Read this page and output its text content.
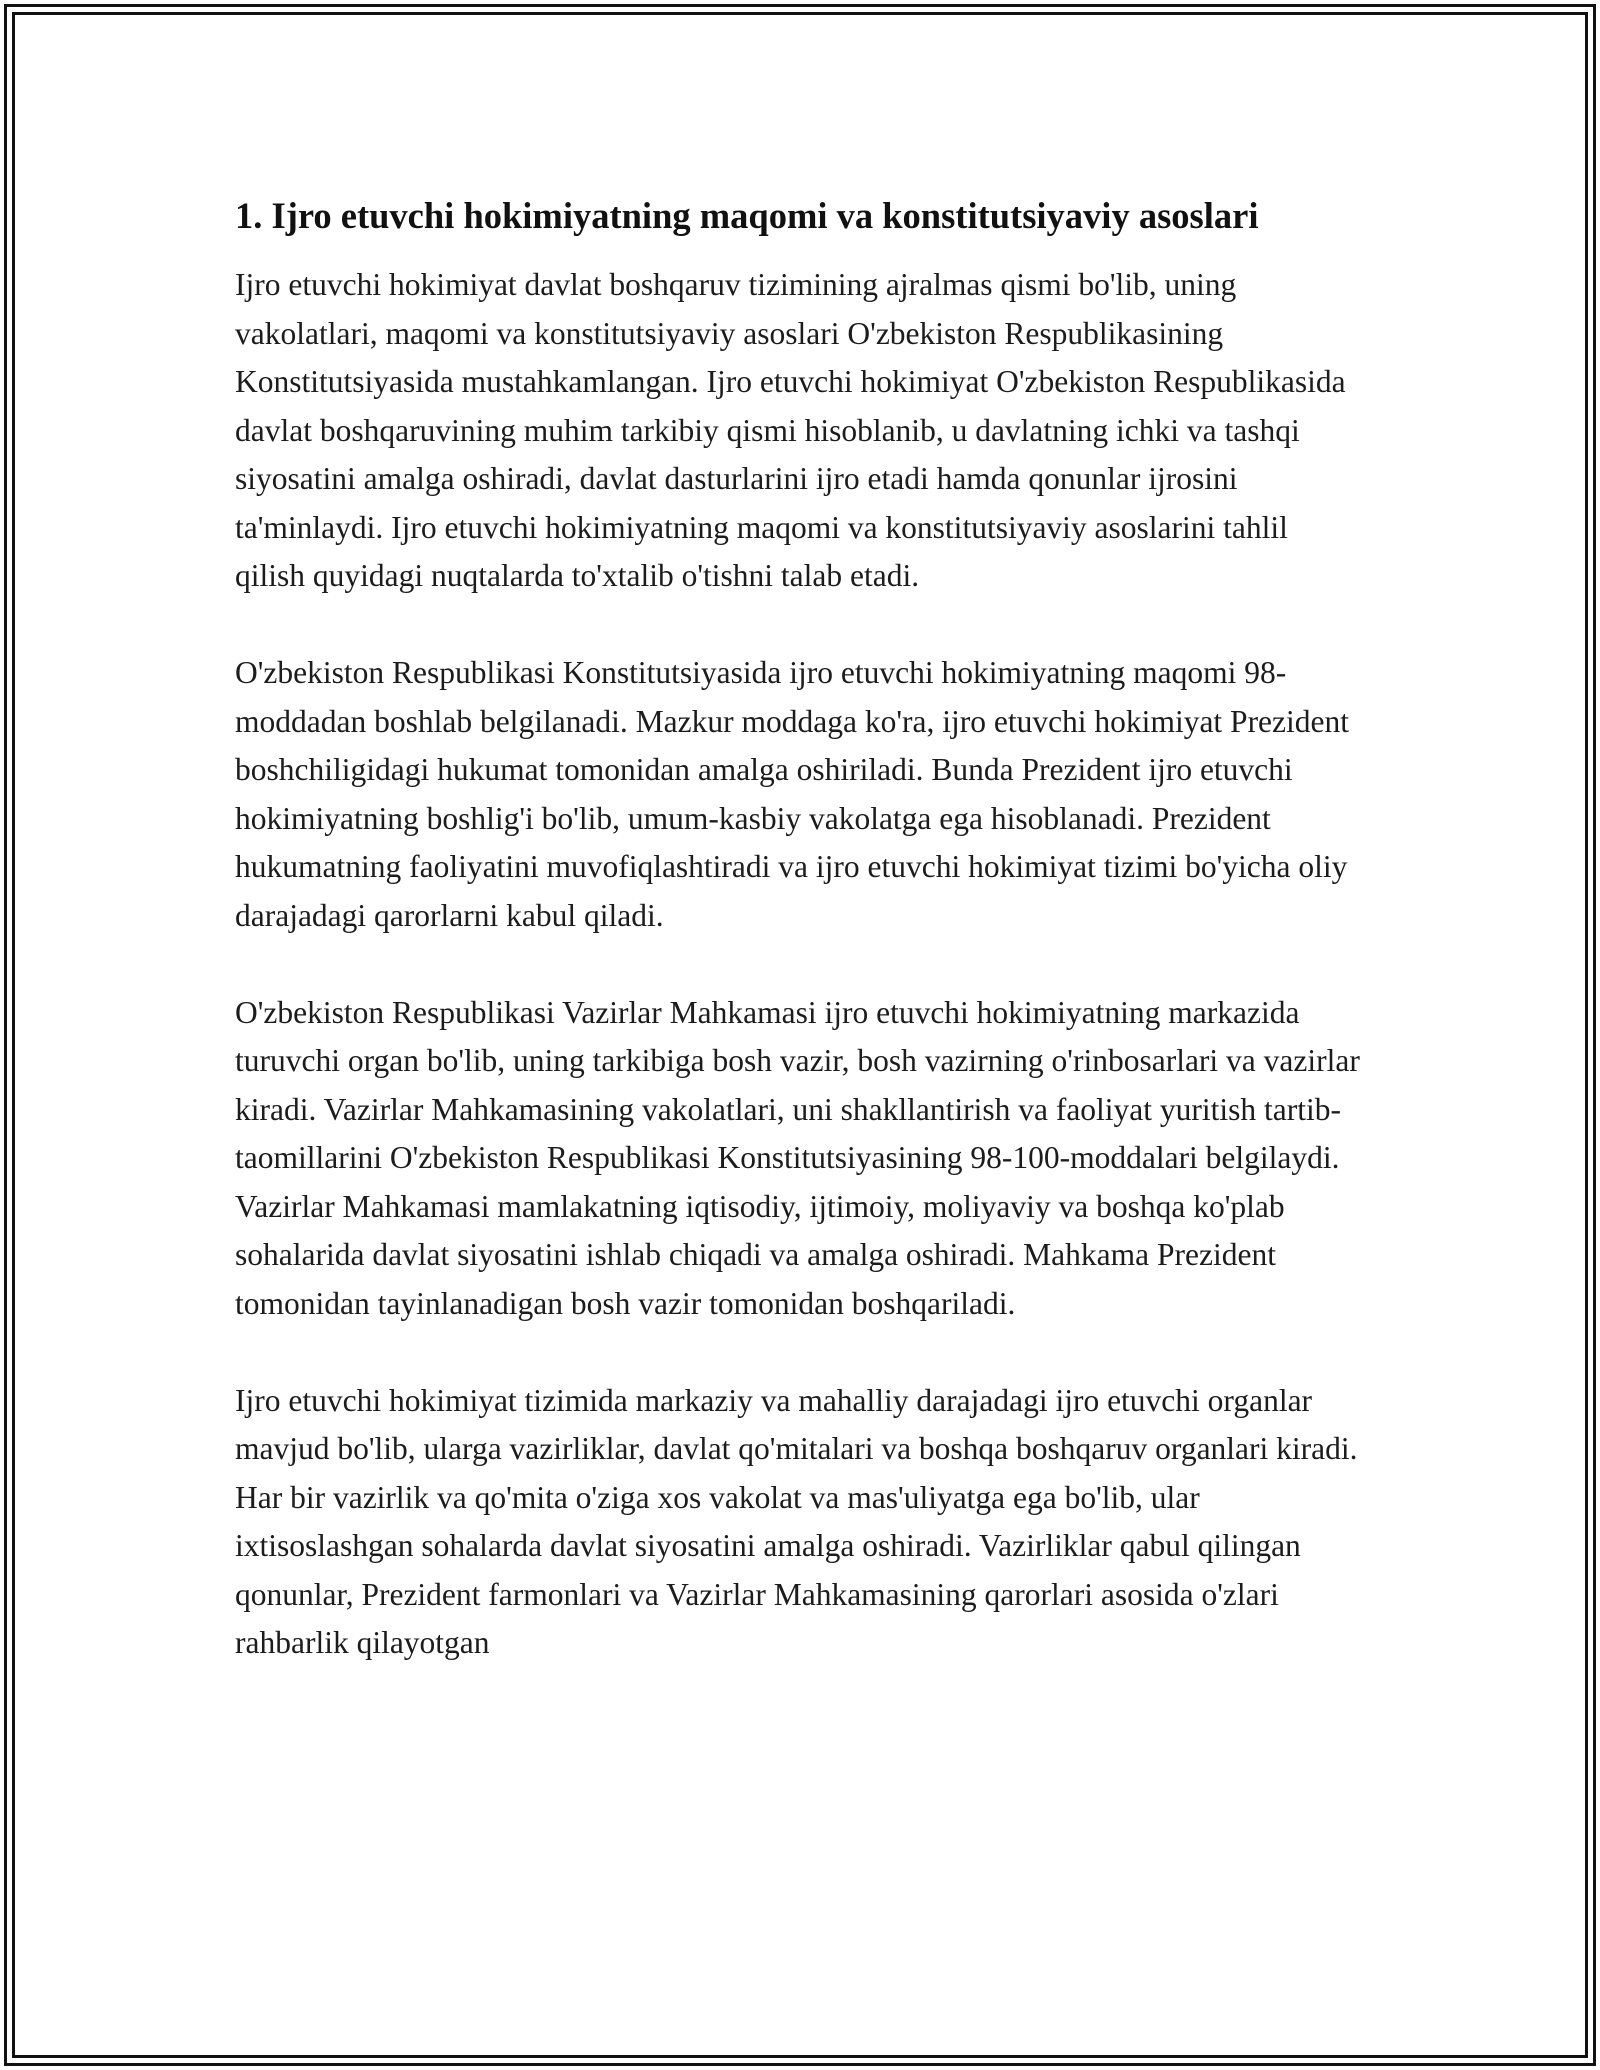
1. Ijro etuvchi hokimiyatning maqomi va konstitutsiyaviy asoslari

Ijro etuvchi hokimiyat davlat boshqaruv tizimining ajralmas qismi bo'lib, uning vakolatlari, maqomi va konstitutsiyaviy asoslari O'zbekiston Respublikasining Konstitutsiyasida mustahkamlangan. Ijro etuvchi hokimiyat O'zbekiston Respublikasida davlat boshqaruvining muhim tarkibiy qismi hisoblanib, u davlatning ichki va tashqi siyosatini amalga oshiradi, davlat dasturlarini ijro etadi hamda qonunlar ijrosini ta'minlaydi. Ijro etuvchi hokimiyatning maqomi va konstitutsiyaviy asoslarini tahlil qilish quyidagi nuqtalarda to'xtalib o'tishni talab etadi.

O'zbekiston Respublikasi Konstitutsiyasida ijro etuvchi hokimiyatning maqomi 98-moddadan boshlab belgilanadi. Mazkur moddaga ko'ra, ijro etuvchi hokimiyat Prezident boshchiligidagi hukumat tomonidan amalga oshiriladi. Bunda Prezident ijro etuvchi hokimiyatning boshlig'i bo'lib, umum-kasbiy vakolatga ega hisoblanadi. Prezident hukumatning faoliyatini muvofiqlashtiradi va ijro etuvchi hokimiyat tizimi bo'yicha oliy darajadagi qarorlarni kabul qiladi.

O'zbekiston Respublikasi Vazirlar Mahkamasi ijro etuvchi hokimiyatning markazida turuvchi organ bo'lib, uning tarkibiga bosh vazir, bosh vazirning o'rinbosarlari va vazirlar kiradi. Vazirlar Mahkamasining vakolatlari, uni shakllantirish va faoliyat yuritish tartib-taomillarini O'zbekiston Respublikasi Konstitutsiyasining 98-100-moddalari belgilaydi. Vazirlar Mahkamasi mamlakatning iqtisodiy, ijtimoiy, moliyaviy va boshqa ko'plab sohalarida davlat siyosatini ishlab chiqadi va amalga oshiradi. Mahkama Prezident tomonidan tayinlanadigan bosh vazir tomonidan boshqariladi.

Ijro etuvchi hokimiyat tizimida markaziy va mahalliy darajadagi ijro etuvchi organlar mavjud bo'lib, ularga vazirliklar, davlat qo'mitalari va boshqa boshqaruv organlari kiradi. Har bir vazirlik va qo'mita o'ziga xos vakolat va mas'uliyatga ega bo'lib, ular ixtisoslashgan sohalarda davlat siyosatini amalga oshiradi. Vazirliklar qabul qilingan qonunlar, Prezident farmonlari va Vazirlar Mahkamasining qarorlari asosida o'zlari rahbarlik qilayotgan
